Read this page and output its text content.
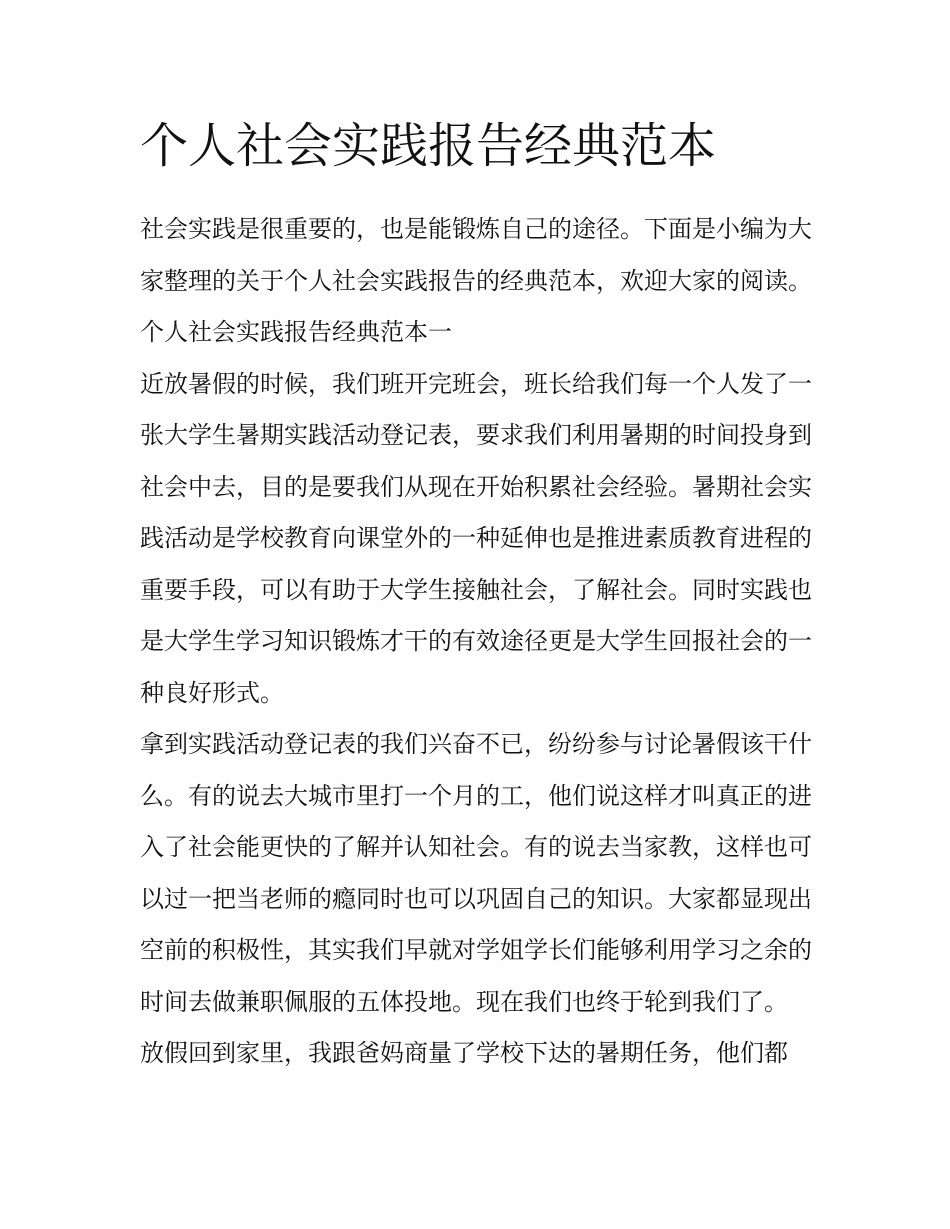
个人社会实践报告经典范本

社会实践是很重要的，也是能锻炼自己的途径。下面是小编为大家整理的关于个人社会实践报告的经典范本，欢迎大家的阅读。 个人社会实践报告经典范本一

近放暑假的时候，我们班开完班会，班长给我们每一个人发了一张大学生暑期实践活动登记表，要求我们利用暑期的时间投身到社会中去，目的是要我们从现在开始积累社会经验。暑期社会实践活动是学校教育向课堂外的一种延伸也是推进素质教育进程的重要手段，可以有助于大学生接触社会，了解社会。同时实践也是大学生学习知识锻炼才干的有效途径更是大学生回报社会的一种良好形式。

拿到实践活动登记表的我们兴奋不已，纷纷参与讨论暑假该干什么。有的说去大城市里打一个月的工，他们说这样才叫真正的进入了社会能更快的了解并认知社会。有的说去当家教，这样也可以过一把当老师的瘾同时也可以巩固自己的知识。大家都显现出空前的积极性，其实我们早就对学姐学长们能够利用学习之余的时间去做兼职佩服的五体投地。现在我们也终于轮到我们了。

放假回到家里，我跟爸妈商量了学校下达的暑期任务，他们都
